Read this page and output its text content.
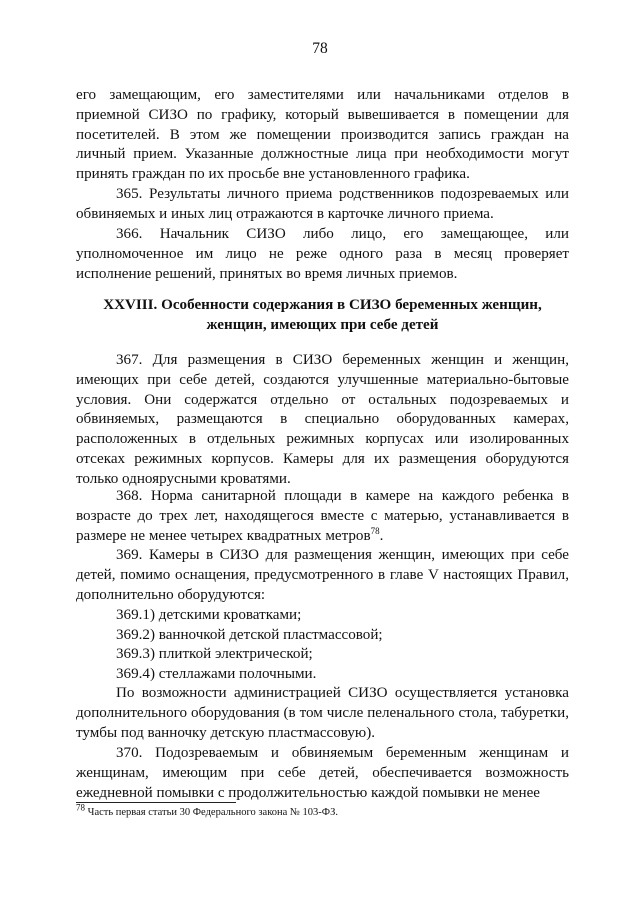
78

его замещающим, его заместителями или начальниками отделов в приемной СИЗО по графику, который вывешивается в помещении для посетителей. В этом же помещении производится запись граждан на личный прием. Указанные должностные лица при необходимости могут принять граждан по их просьбе вне установленного графика.

365. Результаты личного приема родственников подозреваемых или обвиняемых и иных лиц отражаются в карточке личного приема.

366. Начальник СИЗО либо лицо, его замещающее, или уполномоченное им лицо не реже одного раза в месяц проверяет исполнение решений, принятых во время личных приемов.

XXVIII. Особенности содержания в СИЗО беременных женщин,
женщин, имеющих при себе детей

367. Для размещения в СИЗО беременных женщин и женщин, имеющих при себе детей, создаются улучшенные материально-бытовые условия. Они содержатся отдельно от остальных подозреваемых и обвиняемых, размещаются в специально оборудованных камерах, расположенных в отдельных режимных корпусах или изолированных отсеках режимных корпусов. Камеры для их размещения оборудуются только одноярусными кроватями.

368. Норма санитарной площади в камере на каждого ребенка в возрасте до трех лет, находящегося вместе с матерью, устанавливается в размере не менее четырех квадратных метров$^{78}$.

369. Камеры в СИЗО для размещения женщин, имеющих при себе детей, помимо оснащения, предусмотренного в главе V настоящих Правил, дополнительно оборудуются:

369.1) детскими кроватками;

369.2) ванночкой детской пластмассовой;

369.3) плиткой электрической;

369.4) стеллажами полочными.

По возможности администрацией СИЗО осуществляется установка дополнительного оборудования (в том числе пеленального стола, табуретки, тумбы под ванночку детскую пластмассовую).

370. Подозреваемым и обвиняемым беременным женщинам и женщинам, имеющим при себе детей, обеспечивается возможность ежедневной помывки с продолжительностью каждой помывки не менее

$^{78}$ Часть первая статьи 30 Федерального закона № 103-ФЗ.
